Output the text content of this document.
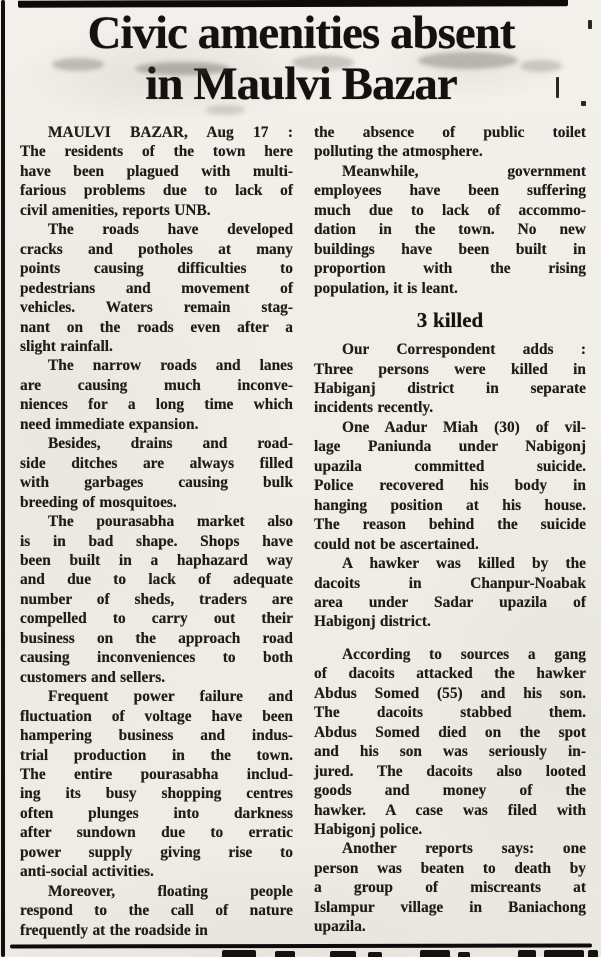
Civic amenities absent
in Maulvi Bazar
MAULVI BAZAR, Aug 17 :
The residents of the town here
have been plagued with multi-
farious problems due to lack of
civil amenities, reports UNB.
The roads have developed
cracks and potholes at many
points causing difficulties to
pedestrians and movement of
vehicles. Waters remain stag-
nant on the roads even after a
slight rainfall.
The narrow roads and lanes
are causing much inconve-
niences for a long time which
need immediate expansion.
Besides, drains and road-
side ditches are always filled
with garbages causing bulk
breeding of mosquitoes.
The pourasabha market also
is in bad shape. Shops have
been built in a haphazard way
and due to lack of adequate
number of sheds, traders are
compelled to carry out their
business on the approach road
causing inconveniences to both
customers and sellers.
Frequent power failure and
fluctuation of voltage have been
hampering business and indus-
trial production in the town.
The entire pourasabha includ-
ing its busy shopping centres
often plunges into darkness
after sundown due to erratic
power supply giving rise to
anti-social activities.
Moreover, floating people
respond to the call of nature
frequently at the roadside in
the absence of public toilet
polluting the atmosphere.
Meanwhile, government
employees have been suffering
much due to lack of accommo-
dation in the town. No new
buildings have been built in
proportion with the rising
population, it is leant.
3 killed
Our Correspondent adds :
Three persons were killed in
Habiganj district in separate
incidents recently.
One Aadur Miah (30) of vil-
lage Paniunda under Nabigonj
upazila committed suicide.
Police recovered his body in
hanging position at his house.
The reason behind the suicide
could not be ascertained.
A hawker was killed by the
dacoits in Chanpur-Noabak
area under Sadar upazila of
Habigonj district.
According to sources a gang
of dacoits attacked the hawker
Abdus Somed (55) and his son.
The dacoits stabbed them.
Abdus Somed died on the spot
and his son was seriously in-
jured. The dacoits also looted
goods and money of the
hawker. A case was filed with
Habigonj police.
Another reports says: one
person was beaten to death by
a group of miscreants at
Islampur village in Baniachong
upazila.
